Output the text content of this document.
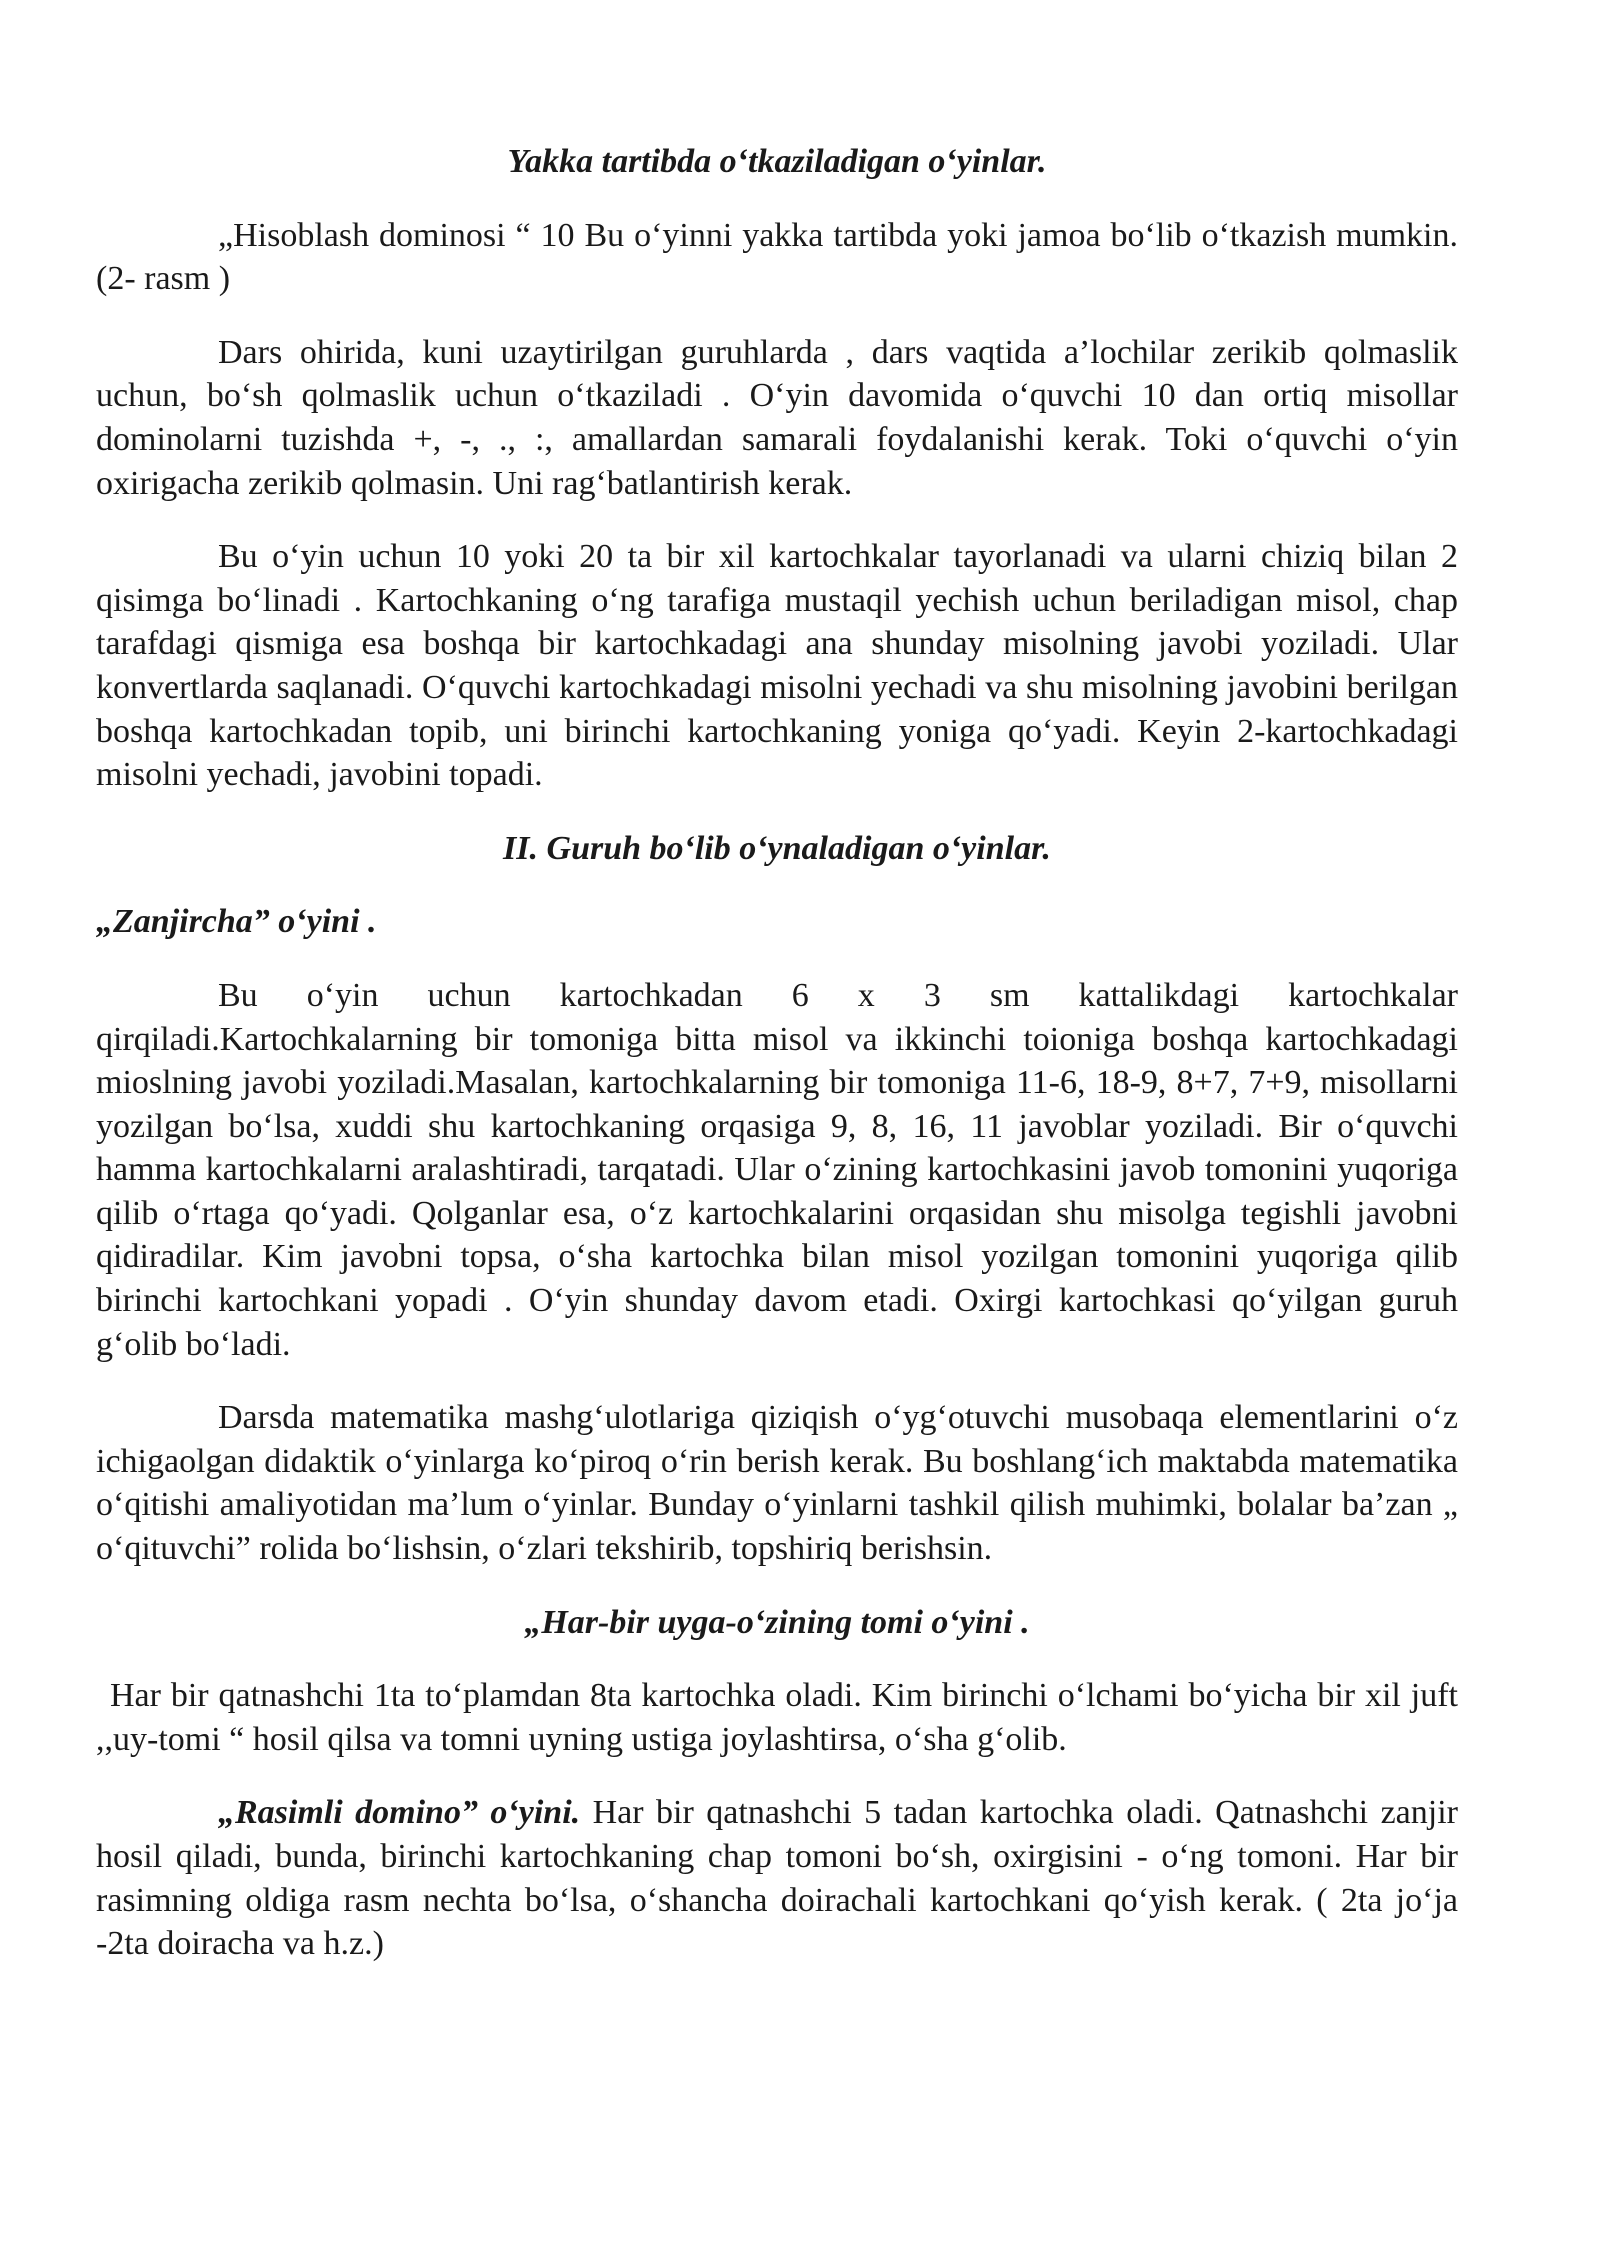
Yakka tartibda o‘tkaziladigan o‘yinlar.

„Hisoblash dominosi “ 10 Bu o‘yinni yakka tartibda yoki jamoa bo‘lib o‘tkazish mumkin. (2- rasm )

Dars ohirida, kuni uzaytirilgan guruhlarda , dars vaqtida a’lochilar zerikib qolmaslik uchun, bo‘sh qolmaslik uchun o‘tkaziladi . O‘yin davomida o‘quvchi 10 dan ortiq misollar dominolarni tuzishda +, -, ., :, amallardan samarali foydalanishi kerak. Toki o‘quvchi o‘yin oxirigacha zerikib qolmasin. Uni rag‘batlantirish kerak.

Bu o‘yin uchun 10 yoki 20 ta bir xil kartochkalar tayorlanadi va ularni chiziq bilan 2 qisimga bo‘linadi . Kartochkaning o‘ng tarafiga mustaqil yechish uchun beriladigan misol, chap tarafdagi qismiga esa boshqa bir kartochkadagi ana shunday misolning javobi yoziladi. Ular konvertlarda saqlanadi. O‘quvchi kartochkadagi misolni yechadi va shu misolning javobini berilgan boshqa kartochkadan topib, uni birinchi kartochkaning yoniga qo‘yadi. Keyin 2-kartochkadagi misolni yechadi, javobini topadi.

II. Guruh bo‘lib o‘ynaladigan o‘yinlar.
„Zanjircha” o‘yini .

Bu o‘yin uchun kartochkadan 6 x 3 sm kattalikdagi kartochkalar qirqiladi.Kartochkalarning bir tomoniga bitta misol va ikkinchi toioniga boshqa kartochkadagi mioslning javobi yoziladi.Masalan, kartochkalarning bir tomoniga 11-6, 18-9, 8+7, 7+9, misollarni yozilgan bo‘lsa, xuddi shu kartochkaning orqasiga 9, 8, 16, 11 javoblar yoziladi. Bir o‘quvchi hamma kartochkalarni aralashtiradi, tarqatadi. Ular o‘zining kartochkasini javob tomonini yuqoriga qilib o‘rtaga qo‘yadi. Qolganlar esa, o‘z kartochkalarini orqasidan shu misolga tegishli javobni qidiradilar. Kim javobni topsa, o‘sha kartochka bilan misol yozilgan tomonini yuqoriga qilib birinchi kartochkani yopadi . O‘yin shunday davom etadi. Oxirgi kartochkasi qo‘yilgan guruh g‘olib bo‘ladi.

Darsda matematika mashg‘ulotlariga qiziqish o‘yg‘otuvchi musobaqa elementlarini o‘z ichigaolgan didaktik o‘yinlarga ko‘piroq o‘rin berish kerak. Bu boshlang‘ich maktabda matematika o‘qitishi amaliyotidan ma’lum o‘yinlar. Bunday o‘yinlarni tashkil qilish muhimki, bolalar ba’zan „ o‘qituvchi” rolida bo‘lishsin, o‘zlari tekshirib, topshiriq berishsin.

„Har-bir uyga-o‘zining tomi o‘yini .

Har bir qatnashchi 1ta to‘plamdan 8ta kartochka oladi. Kim birinchi o‘lchami bo‘yicha bir xil juft ,,uy-tomi “ hosil qilsa va tomni uyning ustiga joylashtirsa, o‘sha g‘olib.

„Rasimli domino” o‘yini. Har bir qatnashchi 5 tadan kartochka oladi. Qatnashchi zanjir hosil qiladi, bunda, birinchi kartochkaning chap tomoni bo‘sh, oxirgisini - o‘ng tomoni. Har bir rasimning oldiga rasm nechta bo‘lsa, o‘shancha doirachali kartochkani qo‘yish kerak. ( 2ta jo‘ja -2ta doiracha va h.z.)
